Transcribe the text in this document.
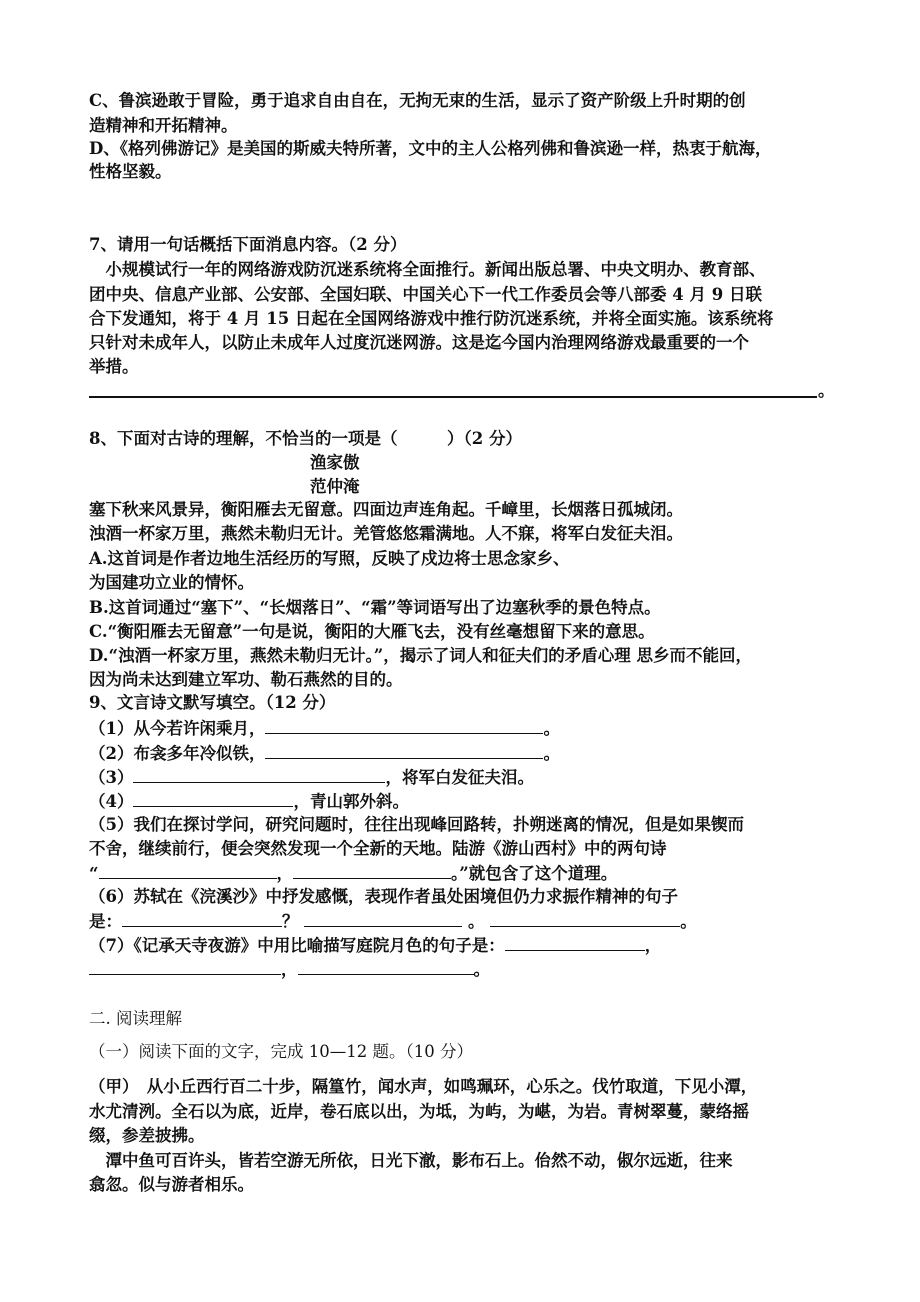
C、鲁滨逊敢于冒险，勇于追求自由自在，无拘无束的生活，显示了资产阶级上升时期的创
造精神和开拓精神。
D、《格列佛游记》是美国的斯威夫特所著，文中的主人公格列佛和鲁滨逊一样，热衷于航海，
性格坚毅。
7、请用一句话概括下面消息内容。（2 分）
　小规模试行一年的网络游戏防沉迷系统将全面推行。新闻出版总署、中央文明办、教育部、
团中央、信息产业部、公安部、全国妇联、中国关心下一代工作委员会等八部委 4 月 9 日联
合下发通知，将于 4 月 15 日起在全国网络游戏中推行防沉迷系统，并将全面实施。该系统将
只针对未成年人，以防止未成年人过度沉迷网游。这是迄今国内治理网络游戏最重要的一个
举措。
。
8、下面对古诗的理解，不恰当的一项是（　　　）（2 分）
渔家傲
范仲淹
塞下秋来风景异，衡阳雁去无留意。四面边声连角起。千嶂里，长烟落日孤城闭。
浊酒一杯家万里，燕然未勒归无计。羌管悠悠霜满地。人不寐，将军白发征夫泪。
A.这首词是作者边地生活经历的写照，反映了戍边将士思念家乡、
为国建功立业的情怀。
B.这首词通过“塞下”、“长烟落日”、“霜”等词语写出了边塞秋季的景色特点。
C.“衡阳雁去无留意”一句是说，衡阳的大雁飞去，没有丝毫想留下来的意思。
D.“浊酒一杯家万里，燕然未勒归无计。”，揭示了词人和征夫们的矛盾心理 思乡而不能回，
因为尚未达到建立军功、勒石燕然的目的。
9、文言诗文默写填空。（12 分）
（1）从今若许闲乘月，	。
（2）布衾多年冷似铁，	。
（3）	，将军白发征夫泪。
（4）	，青山郭外斜。
（5）我们在探讨学问，研究问题时，往往出现峰回路转，扑朔迷离的情况，但是如果锲而
不舍，继续前行，便会突然发现一个全新的天地。陆游《游山西村》中的两句诗
“	，	。”就包含了这个道理。
（6）苏轼在《浣溪沙》中抒发感慨，表现作者虽处困境但仍力求振作精神的句子
是：	？	。	。
（7）《记承天寺夜游》中用比喻描写庭院月色的句子是：	，
，	。
二. 阅读理解
（一）阅读下面的文字，完成 10—12 题。（10 分）
（甲）　从小丘西行百二十步，隔篁竹，闻水声，如鸣珮环，心乐之。伐竹取道，下见小潭，
水尤清洌。全石以为底，近岸，卷石底以出，为坻，为屿，为嵁，为岩。青树翠蔓，蒙络摇
缀，参差披拂。
　潭中鱼可百许头，皆若空游无所依，日光下澈，影布石上。佁然不动，俶尔远逝，往来
翕忽。似与游者相乐。
